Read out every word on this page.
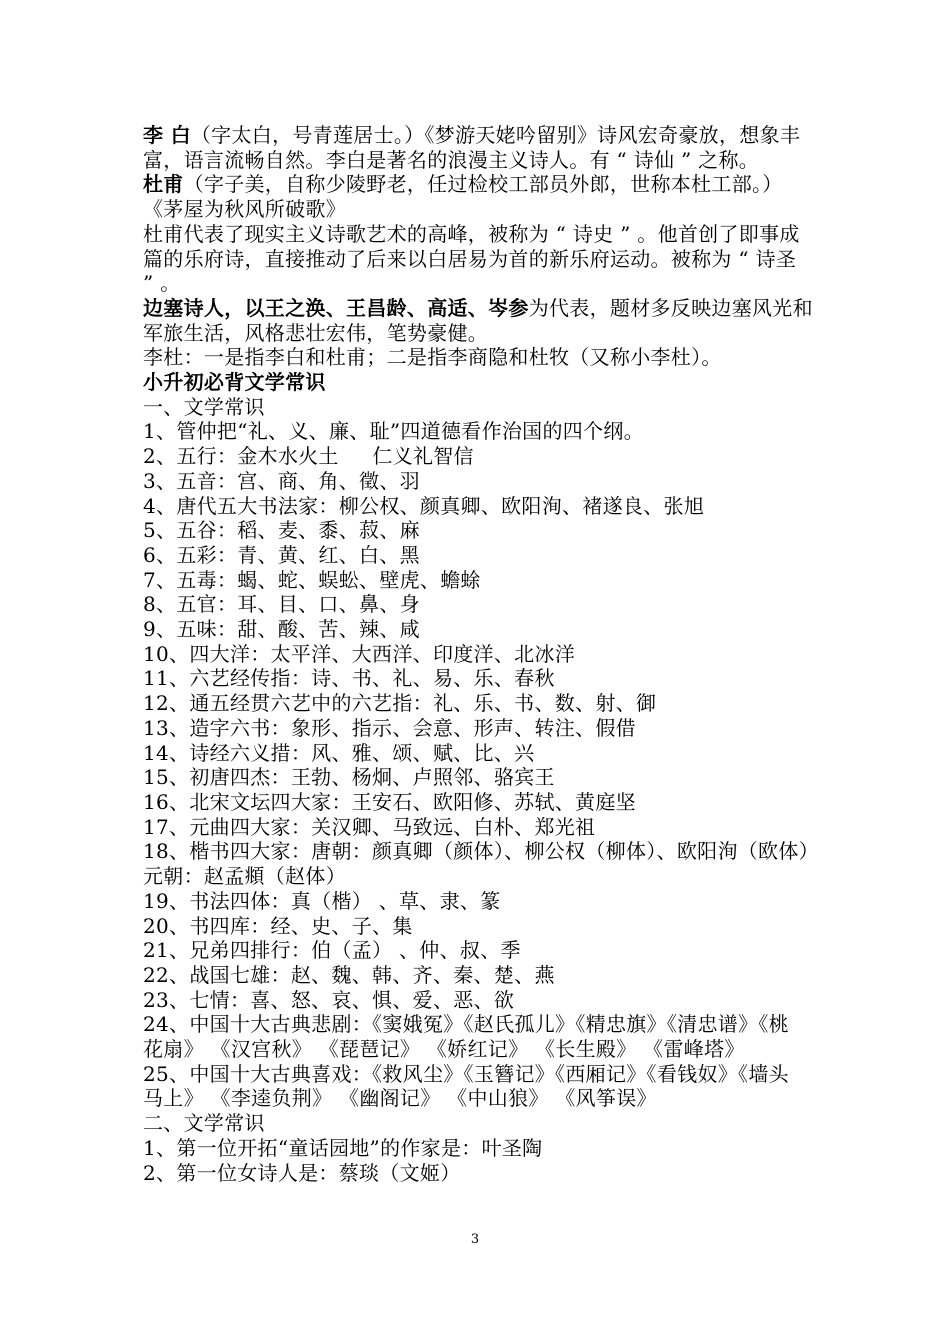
李 白（字太白，号青莲居士。）《梦游天姥吟留别》诗风宏奇豪放，想象丰富，语言流畅自然。李白是著名的浪漫主义诗人。有 “ 诗仙 ” 之称。
杜甫（字子美，自称少陵野老，任过检校工部员外郎，世称本杜工部。）《茅屋为秋风所破歌》
杜甫代表了现实主义诗歌艺术的高峰，被称为 “ 诗史 ” 。他首创了即事成篇的乐府诗，直接推动了后来以白居易为首的新乐府运动。被称为 “ 诗圣 ” 。
边塞诗人，以王之涣、王昌龄、高适、岑参为代表，题材多反映边塞风光和军旅生活，风格悲壮宏伟，笔势豪健。
李杜：一是指李白和杜甫；二是指李商隐和杜牧（又称小李杜）。
小升初必背文学常识
一、文学常识
1、管仲把“礼、义、廉、耻”四道德看作治国的四个纲。
2、五行：金木水火土 　 仁义礼智信
3、五音：宫、商、角、徵、羽
4、唐代五大书法家：柳公权、颜真卿、欧阳洵、褚遂良、张旭
5、五谷：稻、麦、黍、菽、麻
6、五彩：青、黄、红、白、黑
7、五毒：蝎、蛇、蜈蚣、壁虎、蟾蜍
8、五官：耳、目、口、鼻、身
9、五味：甜、酸、苦、辣、咸
10、四大洋：太平洋、大西洋、印度洋、北冰洋
11、六艺经传指：诗、书、礼、易、乐、春秋
12、通五经贯六艺中的六艺指：礼、乐、书、数、射、御
13、造字六书：象形、指示、会意、形声、转注、假借
14、诗经六义措：风、雅、颂、赋、比、兴
15、初唐四杰：王勃、杨炯、卢照邻、骆宾王
16、北宋文坛四大家：王安石、欧阳修、苏轼、黄庭坚
17、元曲四大家：关汉卿、马致远、白朴、郑光祖
18、楷书四大家：唐朝：颜真卿（颜体）、柳公权（柳体）、欧阳洵（欧体）
元朝：赵孟頫（赵体）
19、书法四体：真（楷） 、草、隶、篆
20、书四库：经、史、子、集
21、兄弟四排行：伯（孟） 、仲、叔、季
22、战国七雄：赵、魏、韩、齐、秦、楚、燕
23、七情：喜、怒、哀、惧、爱、恶、欲
24、中国十大古典悲剧：《窦娥冤》《赵氏孤儿》《精忠旗》《清忠谱》《桃
花扇》 《汉宫秋》 《琵琶记》 《娇红记》 《长生殿》 《雷峰塔》
25、中国十大古典喜戏：《救风尘》《玉簪记》《西厢记》《看钱奴》《墙头
马上》 《李逵负荆》 《幽阁记》 《中山狼》 《风筝误》
二、文学常识
1、第一位开拓“童话园地”的作家是：叶圣陶
2、第一位女诗人是：蔡琰（文姬）
3
